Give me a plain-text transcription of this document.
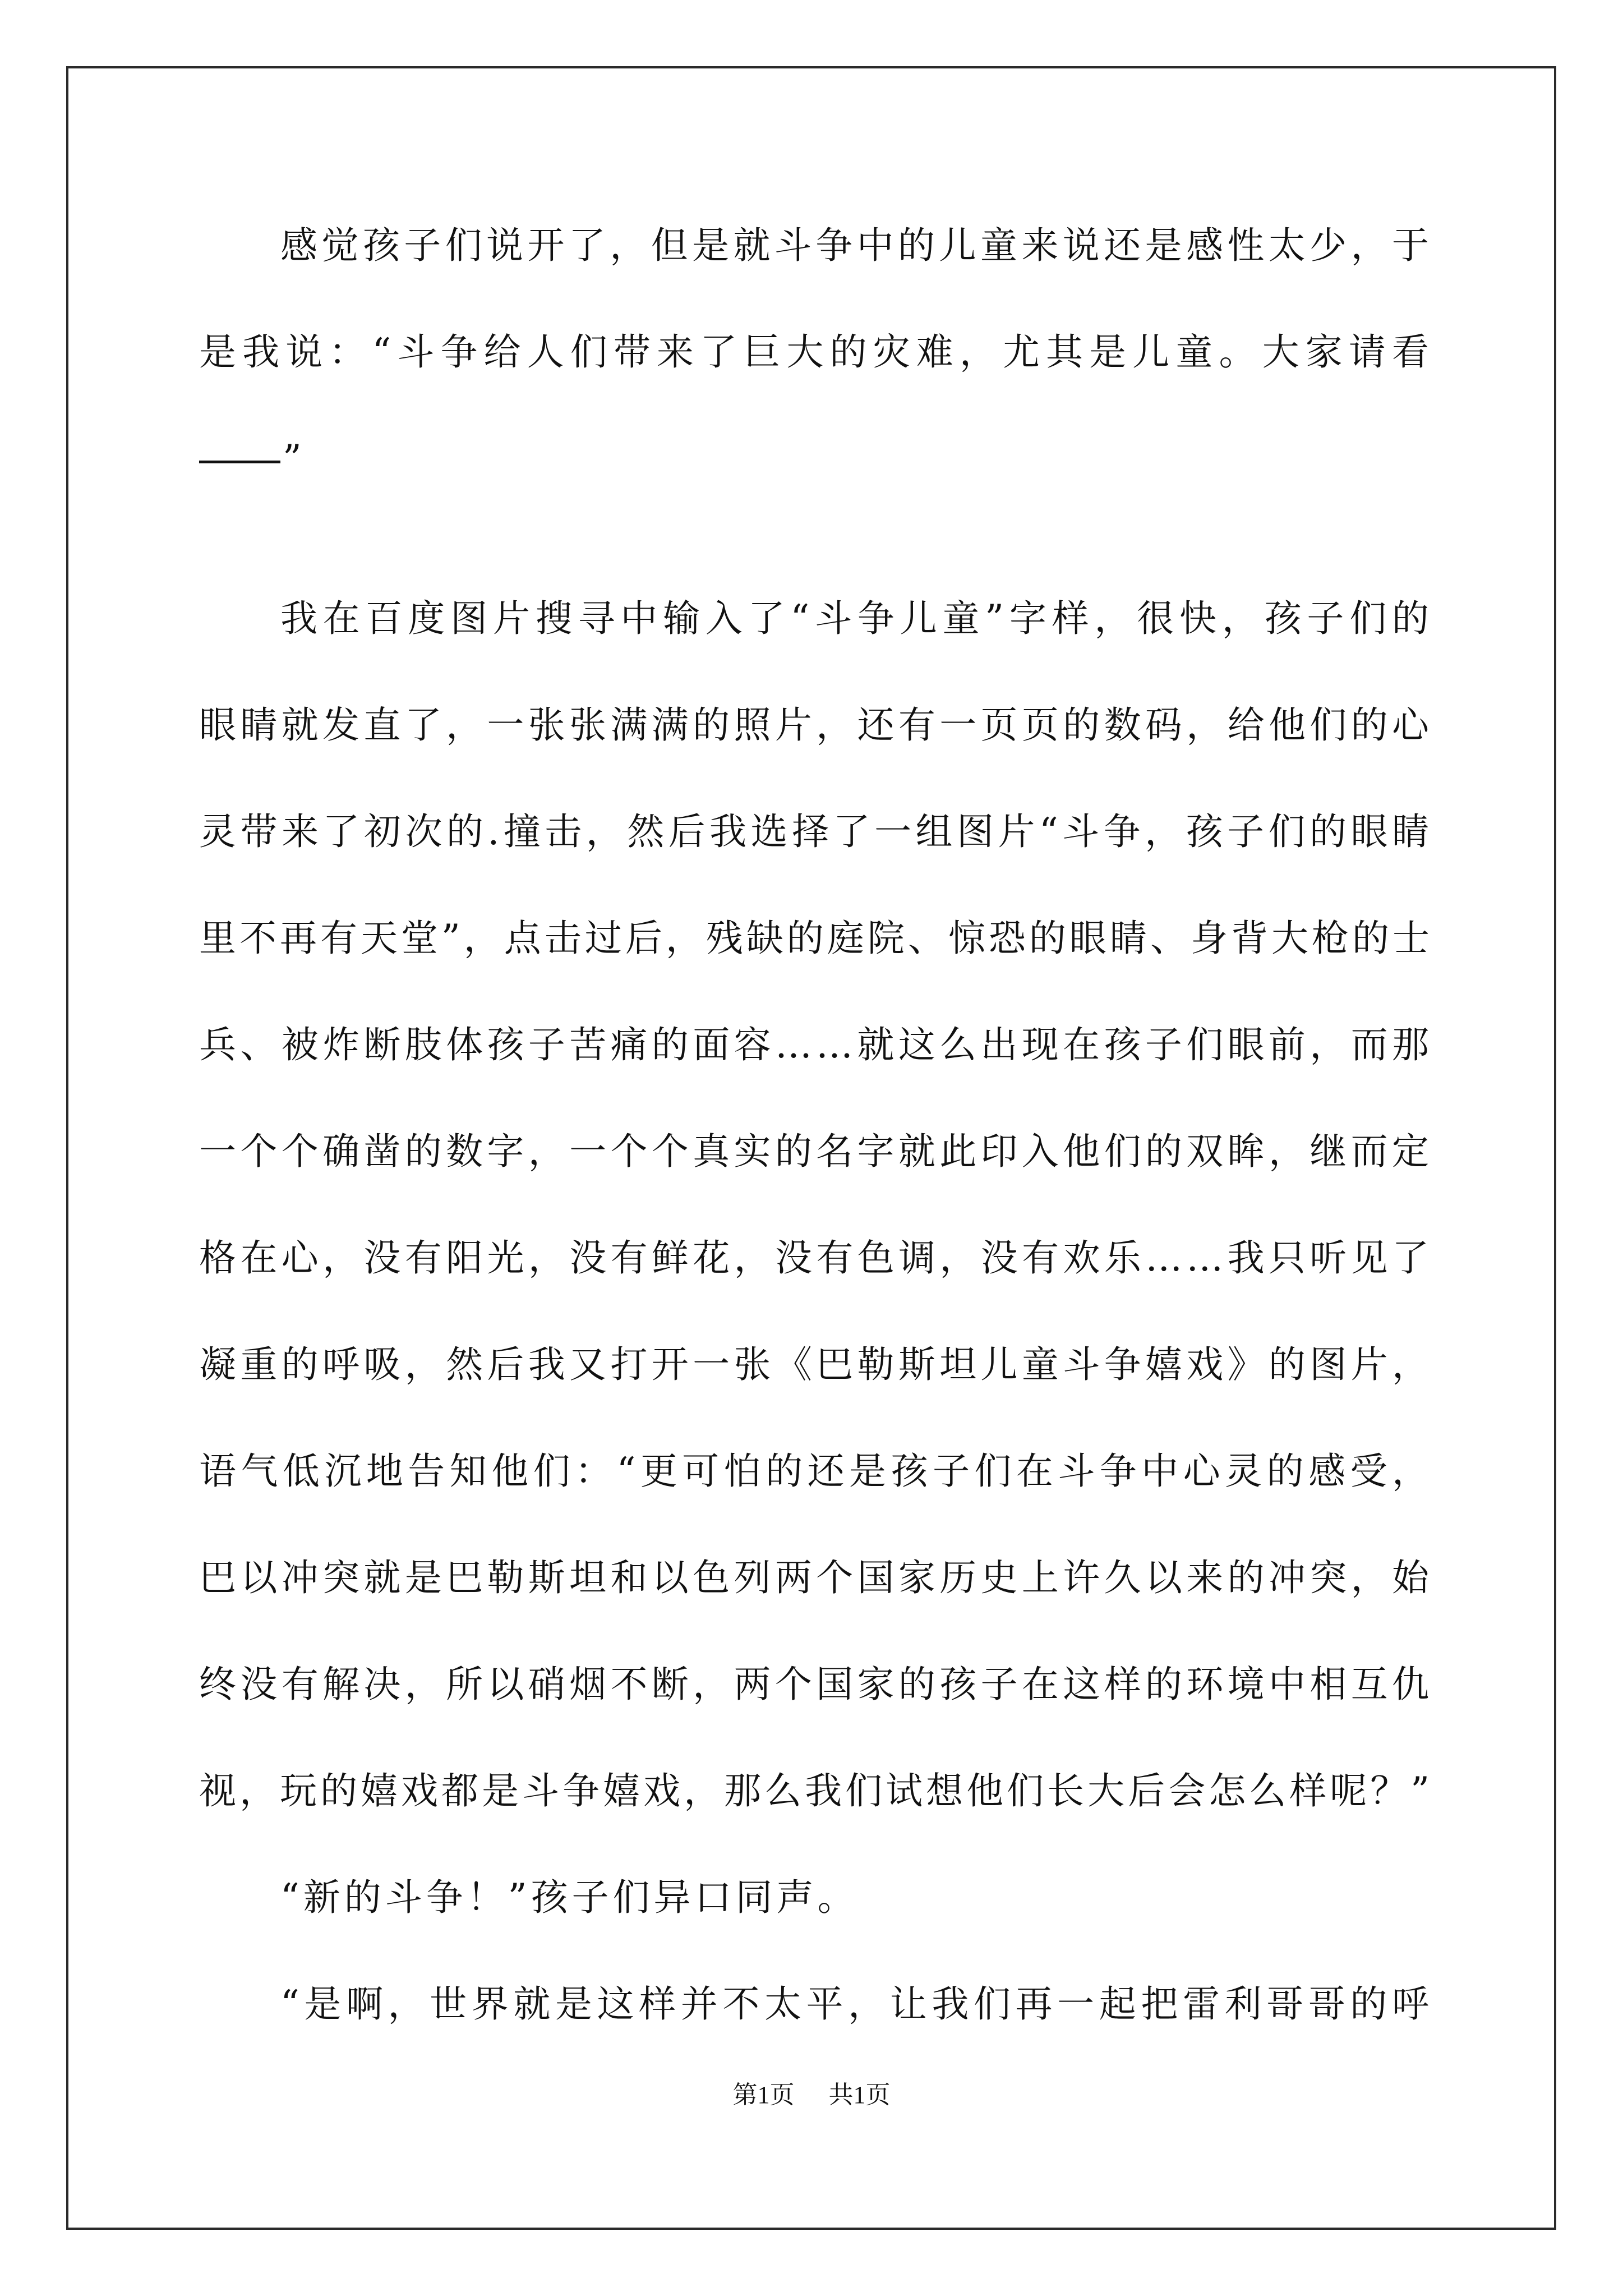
感觉孩子们说开了，但是就斗争中的儿童来说还是感性太少，于
是我说：“斗争给人们带来了巨大的灾难，尤其是儿童。大家请看
”
我在百度图片搜寻中输入了“斗争儿童”字样，很快，孩子们的
眼睛就发直了，一张张满满的照片，还有一页页的数码，给他们的心
灵带来了初次的.撞击，然后我选择了一组图片“斗争，孩子们的眼睛
里不再有天堂”，点击过后，残缺的庭院、惊恐的眼睛、身背大枪的士
兵、被炸断肢体孩子苦痛的面容……就这么出现在孩子们眼前，而那
一个个确凿的数字，一个个真实的名字就此印入他们的双眸，继而定
格在心，没有阳光，没有鲜花，没有色调，没有欢乐……我只听见了
凝重的呼吸，然后我又打开一张《巴勒斯坦儿童斗争嬉戏》的图片，
语气低沉地告知他们：“更可怕的还是孩子们在斗争中心灵的感受，
巴以冲突就是巴勒斯坦和以色列两个国家历史上许久以来的冲突，始
终没有解决，所以硝烟不断，两个国家的孩子在这样的环境中相互仇
视，玩的嬉戏都是斗争嬉戏，那么我们试想他们长大后会怎么样呢？”
“新的斗争！”孩子们异口同声。
“是啊，世界就是这样并不太平，让我们再一起把雷利哥哥的呼
第1页 共1页
